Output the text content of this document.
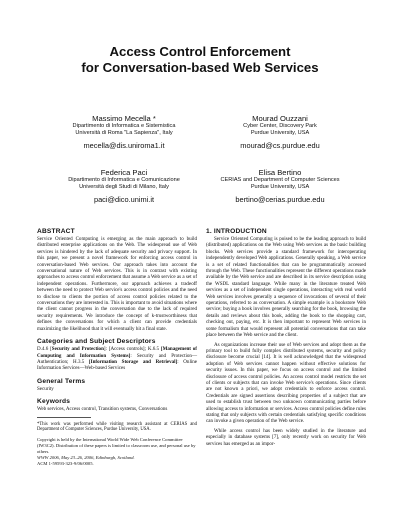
Access Control Enforcement
for Conversation-based Web Services
Massimo Mecella *
Dipartimento di Informatica e Sistemistica
Università di Roma "La Sapienza", Italy
mecella@dis.uniroma1.it
Mourad Ouzzani
Cyber Center, Discovery Park
Purdue University, USA
mourad@cs.purdue.edu
Federica Paci
Dipartimento di Informatica e Comunicazione
Università degli Studi di Milano, Italy
paci@dico.unimi.it
Elisa Bertino
CERIAS and Department of Computer Sciences
Purdue University, USA
bertino@cerias.purdue.edu
ABSTRACT

Service Oriented Computing is emerging as the main approach to build distributed enterprise applications on the Web. The widespread use of Web services is hindered by the lack of adequate security and privacy support. In this paper, we present a novel framework for enforcing access control in conversation-based Web services. Our approach takes into account the conversational nature of Web services. This is in contrast with existing approaches to access control enforcement that assume a Web service as a set of independent operations. Furthermore, our approach achieves a tradeoff between the need to protect Web service's access control policies and the need to disclose to clients the portion of access control policies related to the conversations they are interested in. This is important to avoid situations where the client cannot progress in the conversation due to the lack of required security requirements. We introduce the concept of k-trustworthiness that defines the conversations for which a client can provide credentials maximizing the likelihood that it will eventually hit a final state.

Categories and Subject Descriptors

D.4.6 [Security and Protection]: [Access controls]; K.6.5 [Management of Computing and Information Systems]: Security and Protection—Authentication; H.3.5 [Information Storage and Retrieval]: Online Information Services—Web-based Services

General Terms

Security

Keywords

Web services, Access control, Transition systems, Conversations

*This work was performed while visiting research assistant at CERIAS and Department of Computer Sciences, Purdue University, USA.

Copyright is held by the International World Wide Web Conference Committee (IW3C2). Distribution of these papers is limited to classroom use, and personal use by others.
WWW 2006, May 23–26, 2006, Edinburgh, Scotland.
ACM 1-59593-323-9/06/0005.
1. INTRODUCTION

Service Oriented Computing is poised to be the leading approach to build (distributed) applications on the Web using Web services as the basic building blocks. Web services provide a standard framework for interoperating independently developed Web applications. Generally speaking, a Web service is a set of related functionalities that can be programmatically accessed through the Web. These functionalities represent the different operations made available by the Web service and are described in its service description using the WSDL standard language. While many in the literature treated Web services as a set of independent single operations, interacting with real world Web services involves generally a sequence of invocations of several of their operations, referred to as conversation. A simple example is a bookstore Web service; buying a book involves generally searching for the book, browsing the details and reviews about this book, adding the book to the shopping cart, checking out, paying, etc. It is then important to represent Web services in some formalism that would represent all potential conversations that can take place between the Web service and the client.

As organizations increase their use of Web services and adopt them as the primary tool to build fully complex distributed systems, security and policy disclosure become crucial [14]. It is well acknowledged that the widespread adoption of Web services cannot happen without effective solutions for security issues. In this paper, we focus on access control and the limited disclosure of access control policies. An access control model restricts the set of clients or subjects that can invoke Web service's operations. Since clients are not known a priori, we adopt credentials to enforce access control. Credentials are signed assertions describing properties of a subject that are used to establish trust between two unknown communicating parties before allowing access to information or services. Access control policies define rules stating that only subjects with certain credentials satisfying specific conditions can invoke a given operation of the Web service.

While access control has been widely studied in the literature and especially in database systems [7], only recently work on security for Web services has emerged as an impor-
